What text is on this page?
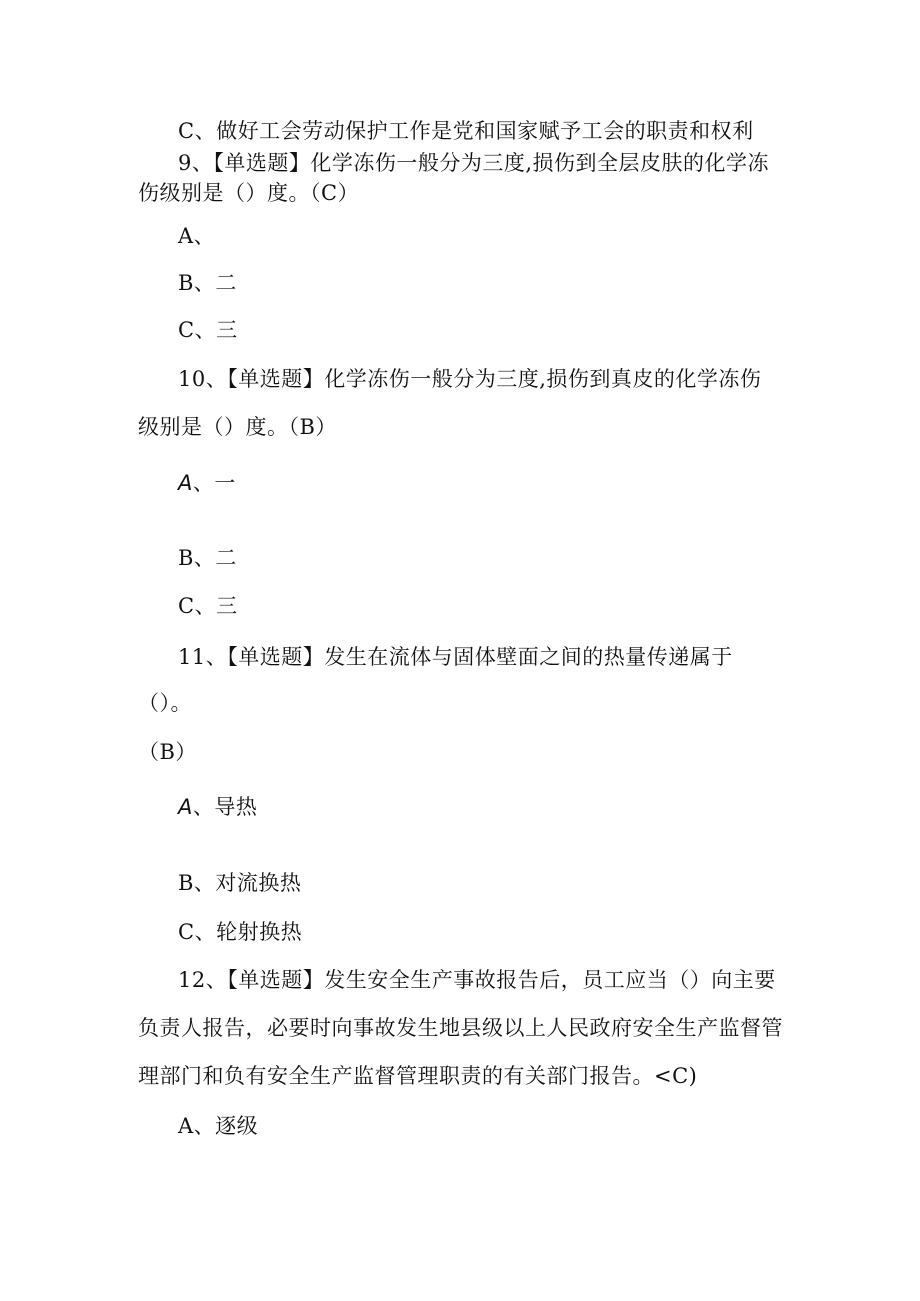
C、做好工会劳动保护工作是党和国家赋予工会的职责和权利
9、【单选题】化学冻伤一般分为三度,损伤到全层皮肤的化学冻
伤级别是（）度。（C）
A、
B、二
C、三
10、【单选题】化学冻伤一般分为三度,损伤到真皮的化学冻伤
级别是（）度。（B）
A、一
B、二
C、三
11、【单选题】发生在流体与固体壁面之间的热量传递属于
（）。
（B）
A、导热
B、对流换热
C、轮射换热
12、【单选题】发生安全生产事故报告后，员工应当（）向主要
负责人报告，必要时向事故发生地县级以上人民政府安全生产监督管
理部门和负有安全生产监督管理职责的有关部门报告。<C)
A、逐级
